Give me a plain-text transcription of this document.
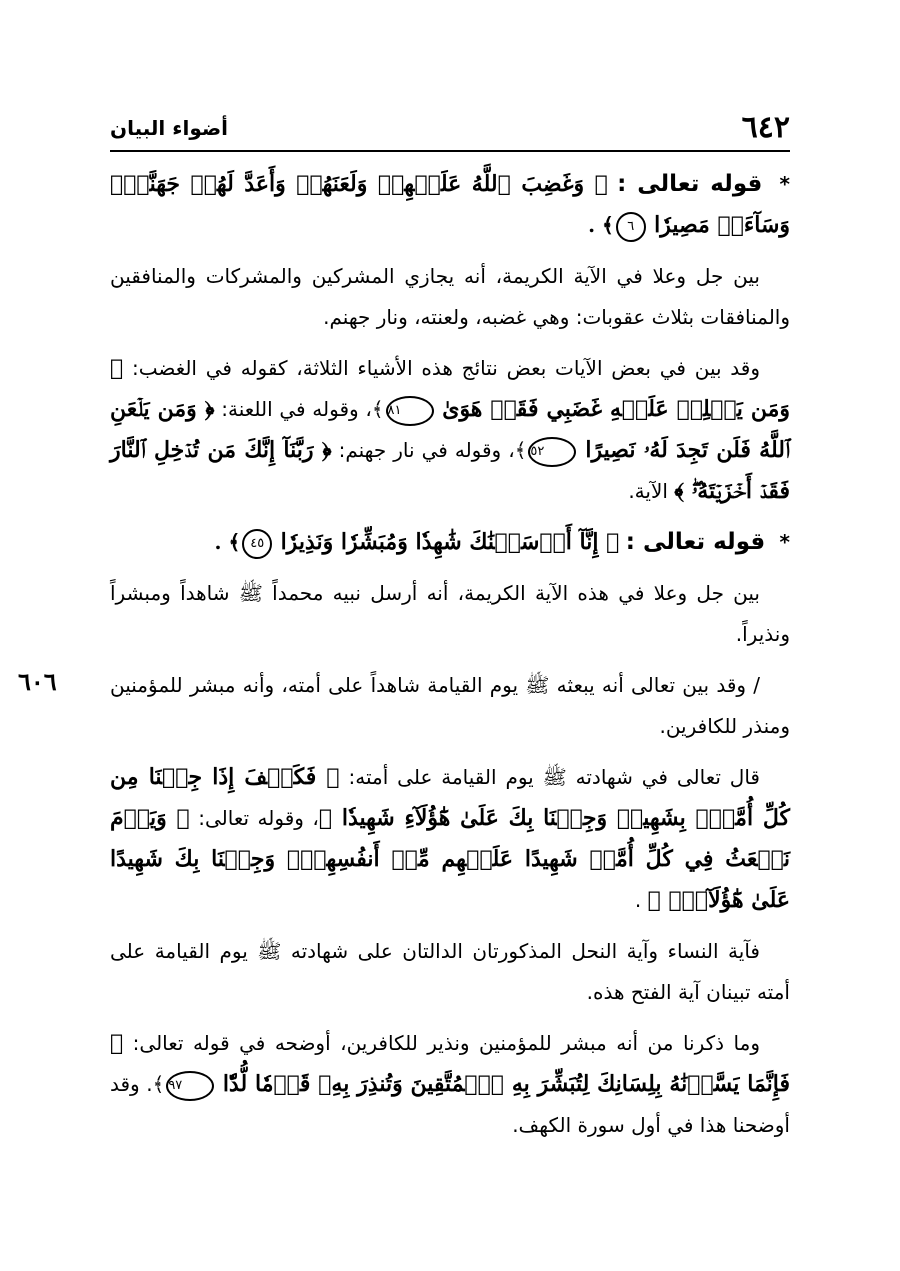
٦٤٢
أضواء البيان

* قوله تعالى : ﴿ وَغَضِبَ ٱللَّهُ عَلَيۡهِمۡ وَلَعَنَهُمۡ وَأَعَدَّ لَهُمۡ جَهَنَّمَۖ وَسَآءَتۡ مَصِيرٗا ٦﴾ .

بين جل وعلا في الآية الكريمة، أنه يجازي المشركين والمشركات والمنافقين والمنافقات بثلاث عقوبات: وهي غضبه، ولعنته، ونار جهنم.

وقد بين في بعض الآيات بعض نتائج هذه الأشياء الثلاثة، كقوله في الغضب: ﴿ وَمَن يَحۡلِلۡ عَلَيۡهِ غَضَبِي فَقَدۡ هَوَىٰ ٨١﴾، وقوله في اللعنة: ﴿ وَمَن يَلۡعَنِ ٱللَّهُ فَلَن تَجِدَ لَهُۥ نَصِيرًا ٥٢﴾، وقوله في نار جهنم: ﴿ رَبَّنَآ إِنَّكَ مَن تُدۡخِلِ ٱلنَّارَ فَقَدۡ أَخۡزَيۡتَهُۥۖ ﴾ الآية.

* قوله تعالى : ﴿ إِنَّآ أَرۡسَلۡنَٰكَ شَٰهِدٗا وَمُبَشِّرٗا وَنَذِيرٗا ٤٥﴾ .

بين جل وعلا في هذه الآية الكريمة، أنه أرسل نبيه محمداً ﷺ شاهداً ومبشراً ونذيراً.

٦٠٦	/ وقد بين تعالى أنه يبعثه ﷺ يوم القيامة شاهداً على أمته، وأنه مبشر للمؤمنين ومنذر للكافرين.

قال تعالى في شهادته ﷺ يوم القيامة على أمته: ﴿ فَكَيۡفَ إِذَا جِئۡنَا مِن كُلِّ أُمَّةِۭ بِشَهِيدٖ وَجِئۡنَا بِكَ عَلَىٰ هَٰٓؤُلَآءِ شَهِيدٗا ﴾، وقوله تعالى: ﴿ وَيَوۡمَ نَبۡعَثُ فِي كُلِّ أُمَّةٖ شَهِيدًا عَلَيۡهِم مِّنۡ أَنفُسِهِمۡۖ وَجِئۡنَا بِكَ شَهِيدًا عَلَىٰ هَٰٓؤُلَآءِۚ ﴾ .

فآية النساء وآية النحل المذكورتان الدالتان على شهادته ﷺ يوم القيامة على أمته تبينان آية الفتح هذه.

وما ذكرنا من أنه مبشر للمؤمنين ونذير للكافرين، أوضحه في قوله تعالى: ﴿ فَإِنَّمَا يَسَّرۡنَٰهُ بِلِسَانِكَ لِتُبَشِّرَ بِهِ ٱلۡمُتَّقِينَ وَتُنذِرَ بِهِۦ قَوۡمٗا لُّدّٗا ٩٧﴾. وقد أوضحنا هذا في أول سورة الكهف.
